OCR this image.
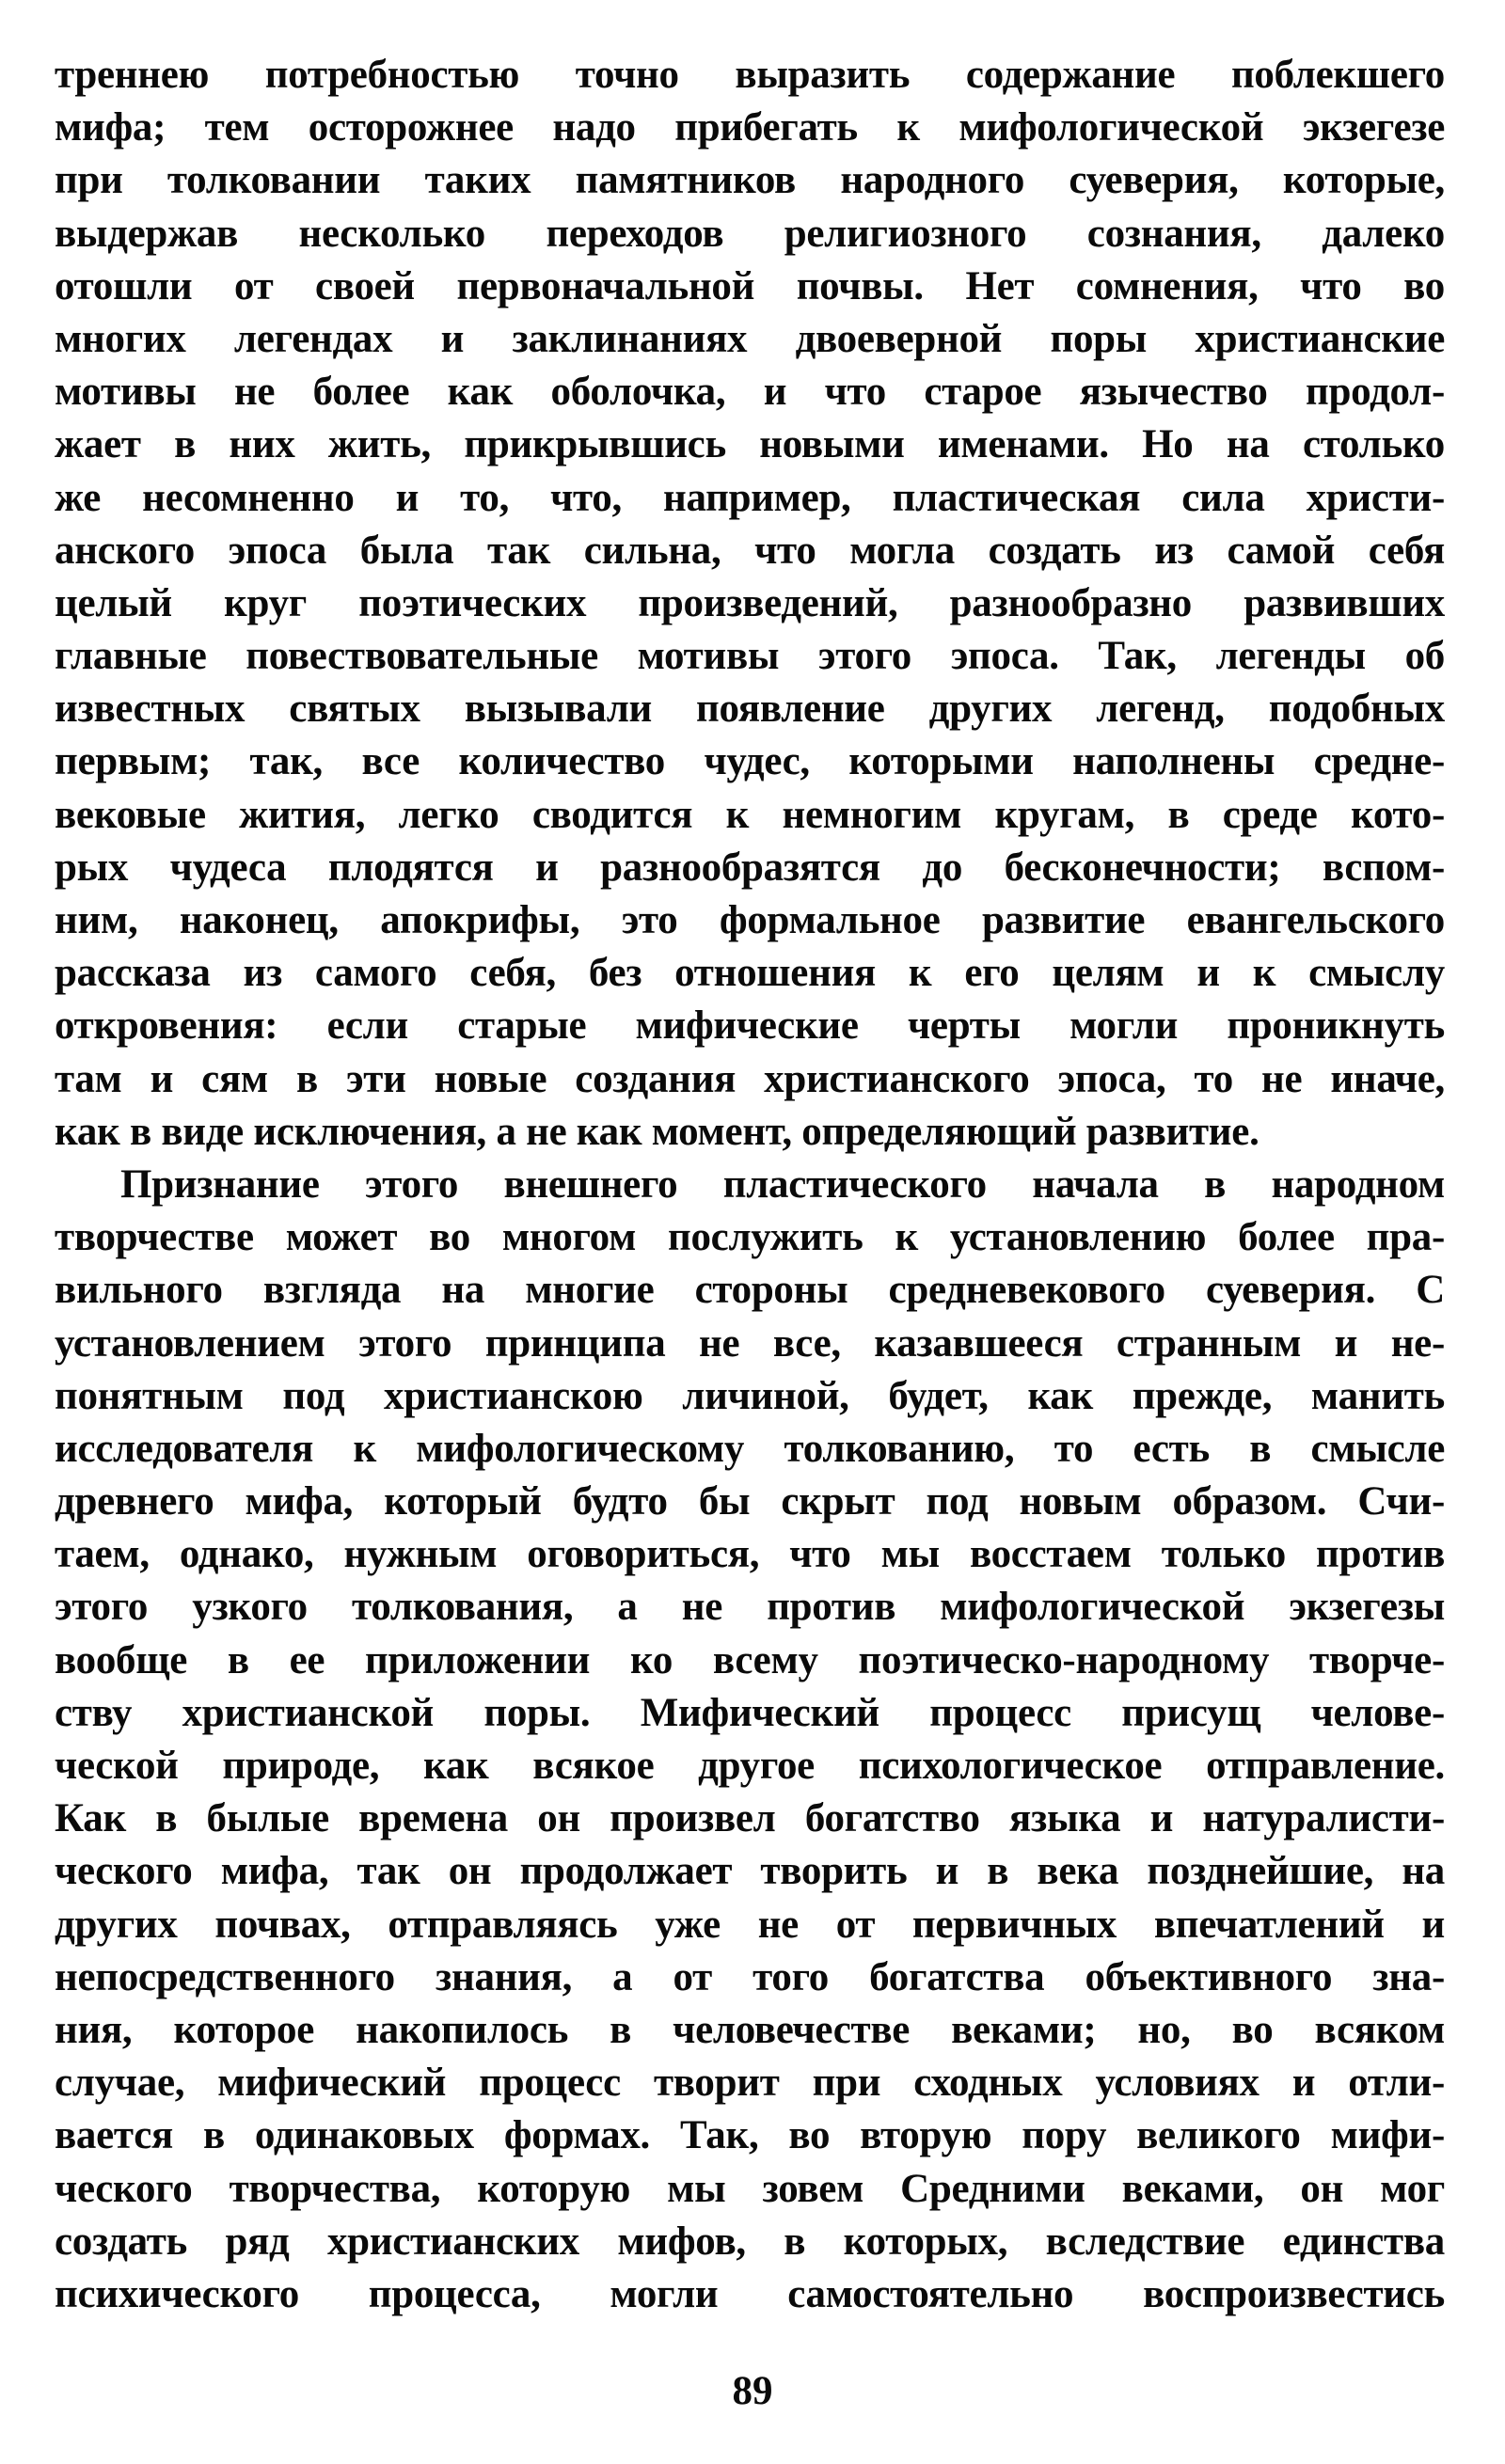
треннею потребностью точно выразить содержание поблекшего
мифа; тем осторожнее надо прибегать к мифологической экзегезе
при толковании таких памятников народного суеверия, которые,
выдержав несколько переходов религиозного сознания, далеко
отошли от своей первоначальной почвы. Нет сомнения, что во
многих легендах и заклинаниях двоеверной поры христианские
мотивы не более как оболочка, и что старое язычество продол-
жает в них жить, прикрывшись новыми именами. Но на столько
же несомненно и то, что, например, пластическая сила христи-
анского эпоса была так сильна, что могла создать из самой себя
целый круг поэтических произведений, разнообразно развивших
главные повествовательные мотивы этого эпоса. Так, легенды об
известных святых вызывали появление других легенд, подобных
первым; так, все количество чудес, которыми наполнены средне-
вековые жития, легко сводится к немногим кругам, в среде кото-
рых чудеса плодятся и разнообразятся до бесконечности; вспом-
ним, наконец, апокрифы, это формальное развитие евангельского
рассказа из самого себя, без отношения к его целям и к смыслу
откровения: если старые мифические черты могли проникнуть
там и сям в эти новые создания христианского эпоса, то не иначе,
как в виде исключения, а не как момент, определяющий развитие.
Признание этого внешнего пластического начала в народном
творчестве может во многом послужить к установлению более пра-
вильного взгляда на многие стороны средневекового суеверия. С
установлением этого принципа не все, казавшееся странным и не-
понятным под христианскою личиной, будет, как прежде, манить
исследователя к мифологическому толкованию, то есть в смысле
древнего мифа, который будто бы скрыт под новым образом. Счи-
таем, однако, нужным оговориться, что мы восстаем только против
этого узкого толкования, а не против мифологической экзегезы
вообще в ее приложении ко всему поэтическо-народному творче-
ству христианской поры. Мифический процесс присущ челове-
ческой природе, как всякое другое психологическое отправление.
Как в былые времена он произвел богатство языка и натуралисти-
ческого мифа, так он продолжает творить и в века позднейшие, на
других почвах, отправляясь уже не от первичных впечатлений и
непосредственного знания, а от того богатства объективного зна-
ния, которое накопилось в человечестве веками; но, во всяком
случае, мифический процесс творит при сходных условиях и отли-
вается в одинаковых формах. Так, во вторую пору великого мифи-
ческого творчества, которую мы зовем Средними веками, он мог
создать ряд христианских мифов, в которых, вследствие единства
психического процесса, могли самостоятельно воспроизвестись
89
